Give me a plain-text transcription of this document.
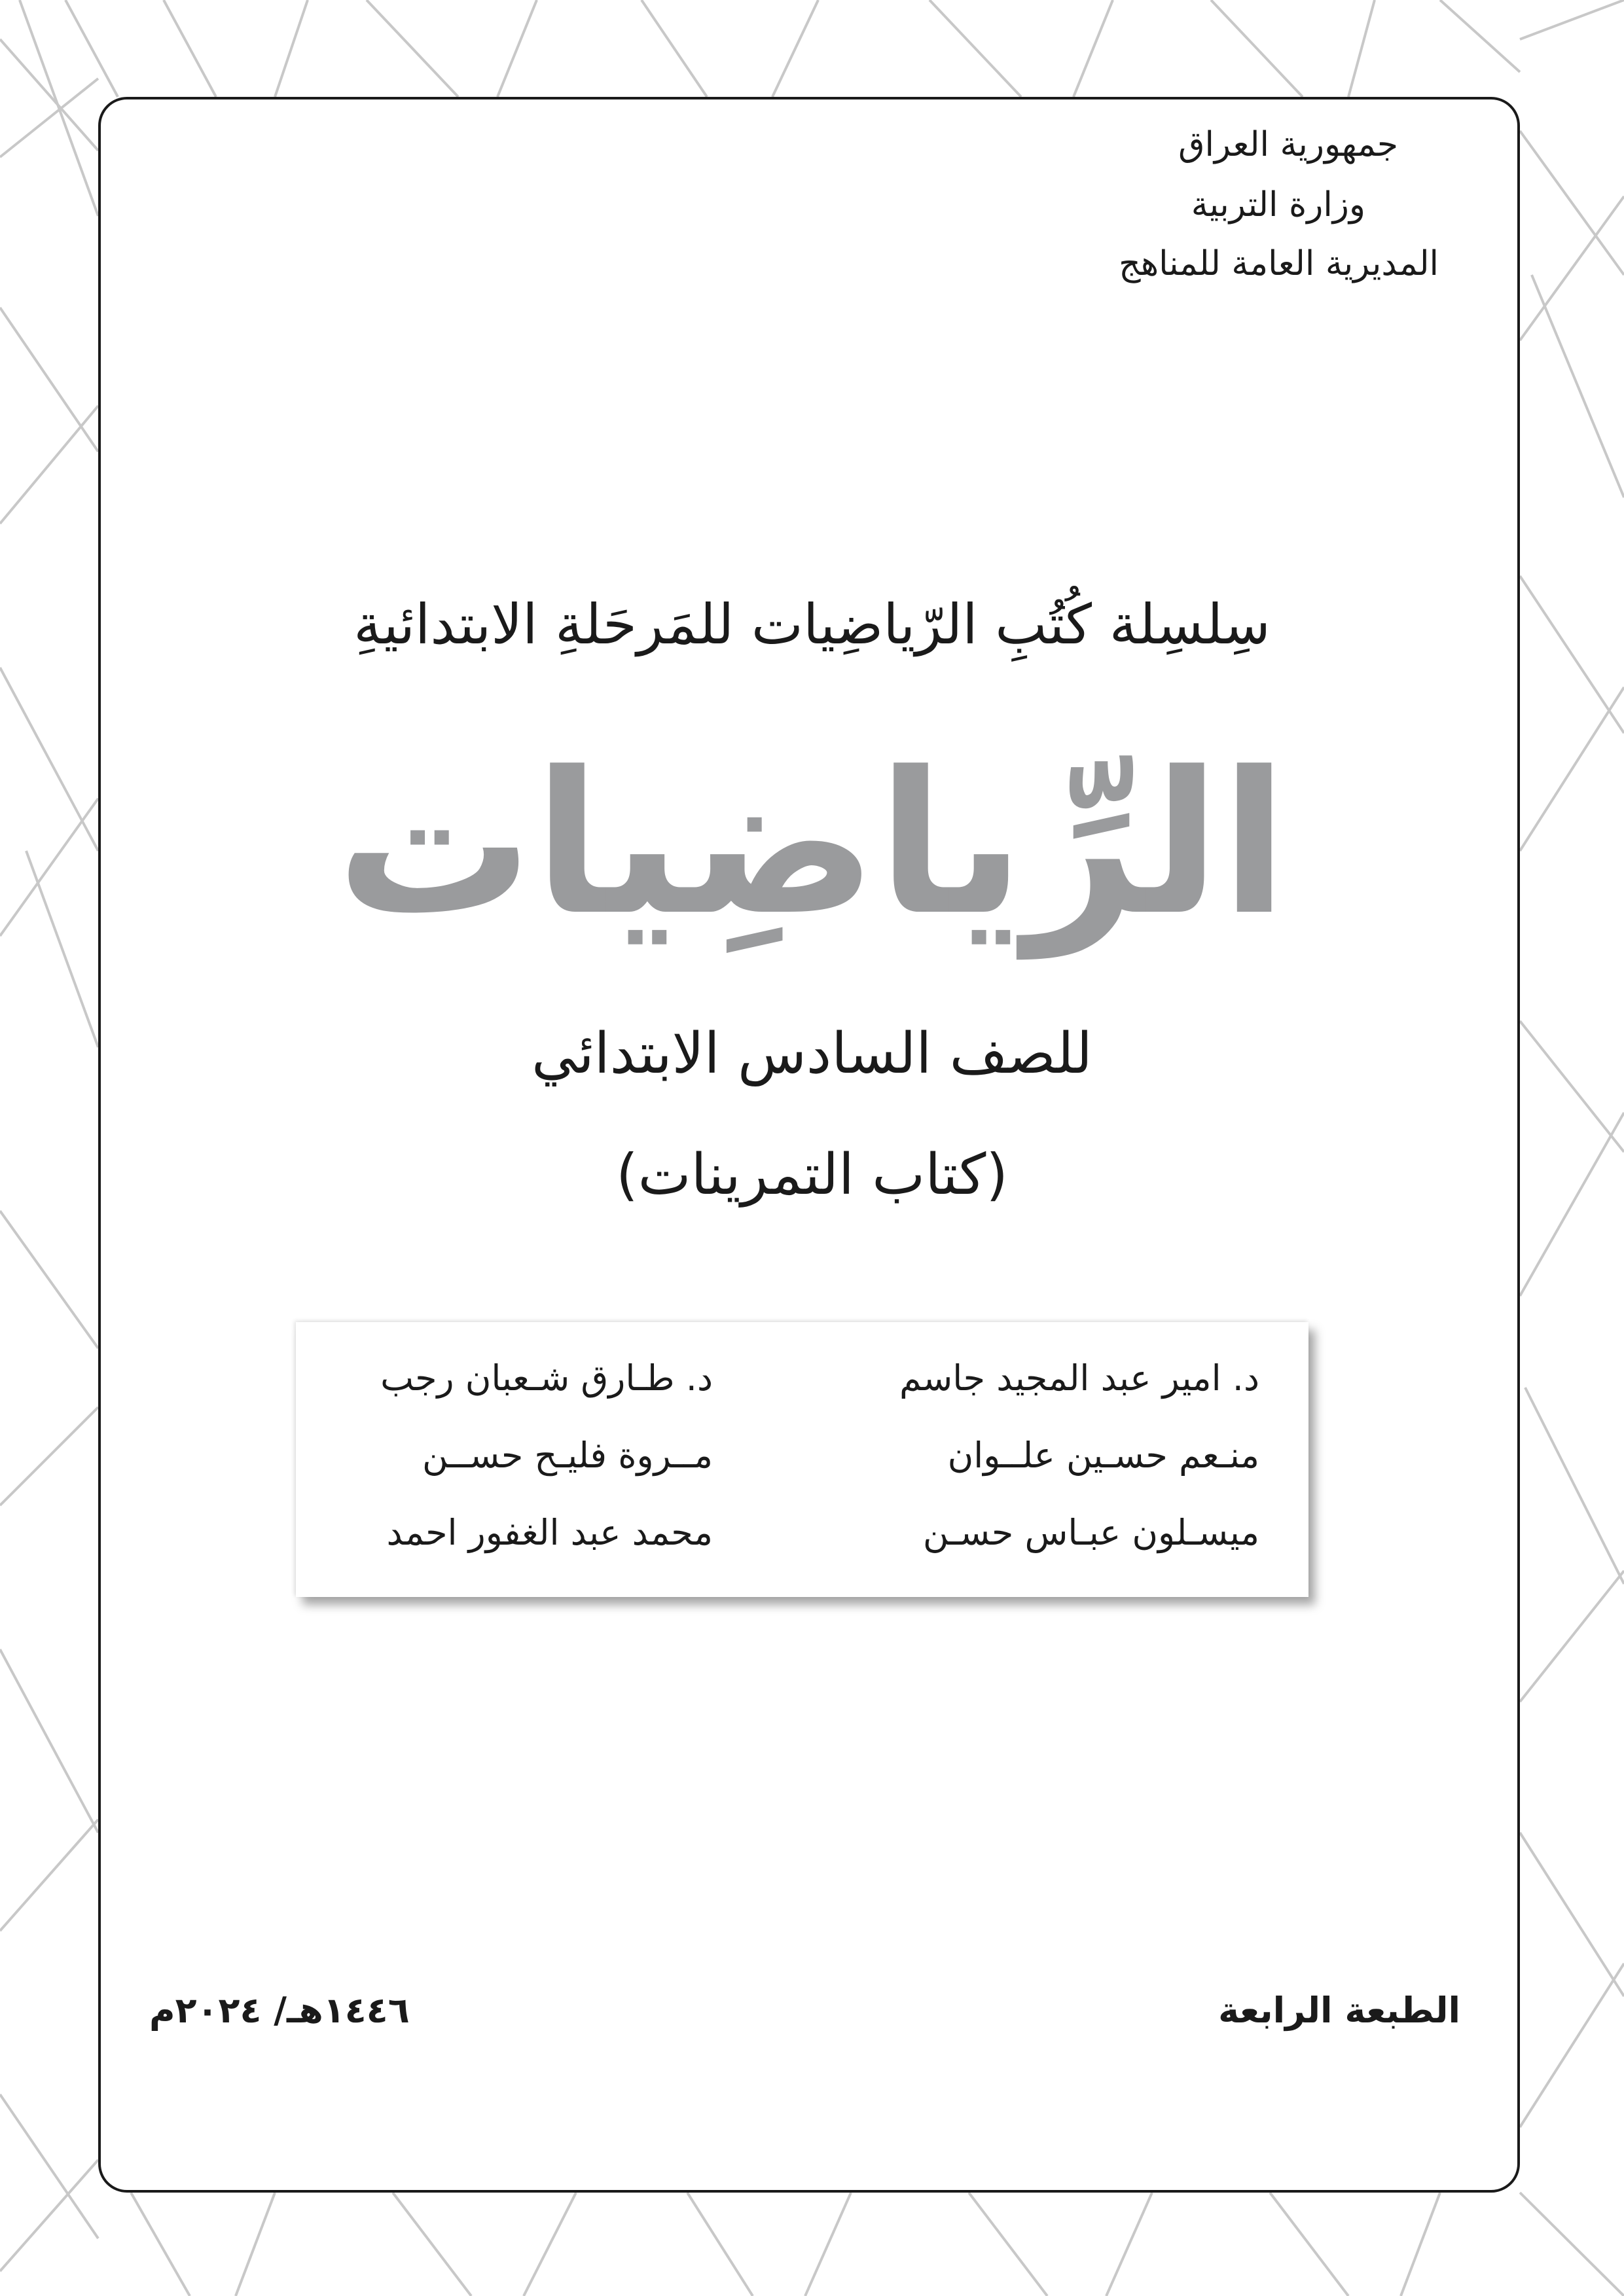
جمهورية العراق
وزارة التربية
المديرية العامة للمناهج
سِلسِلة كُتُبِ الرّياضِيات للمَرحَلةِ الابتدائيةِ
الرِّياضِيات
للصف السادس الابتدائي
(كتاب التمرينات)
د. امير عبد المجيد جاسم
منـعم حسـين علــوان
ميسـلون عبـاس حسـن
د. طـارق شـعبان رجب
مــروة فليـح حســن
محمد عبد الغفور احمد
الطبعة الرابعة
١٤٤٦هـ/ ٢٠٢٤م
